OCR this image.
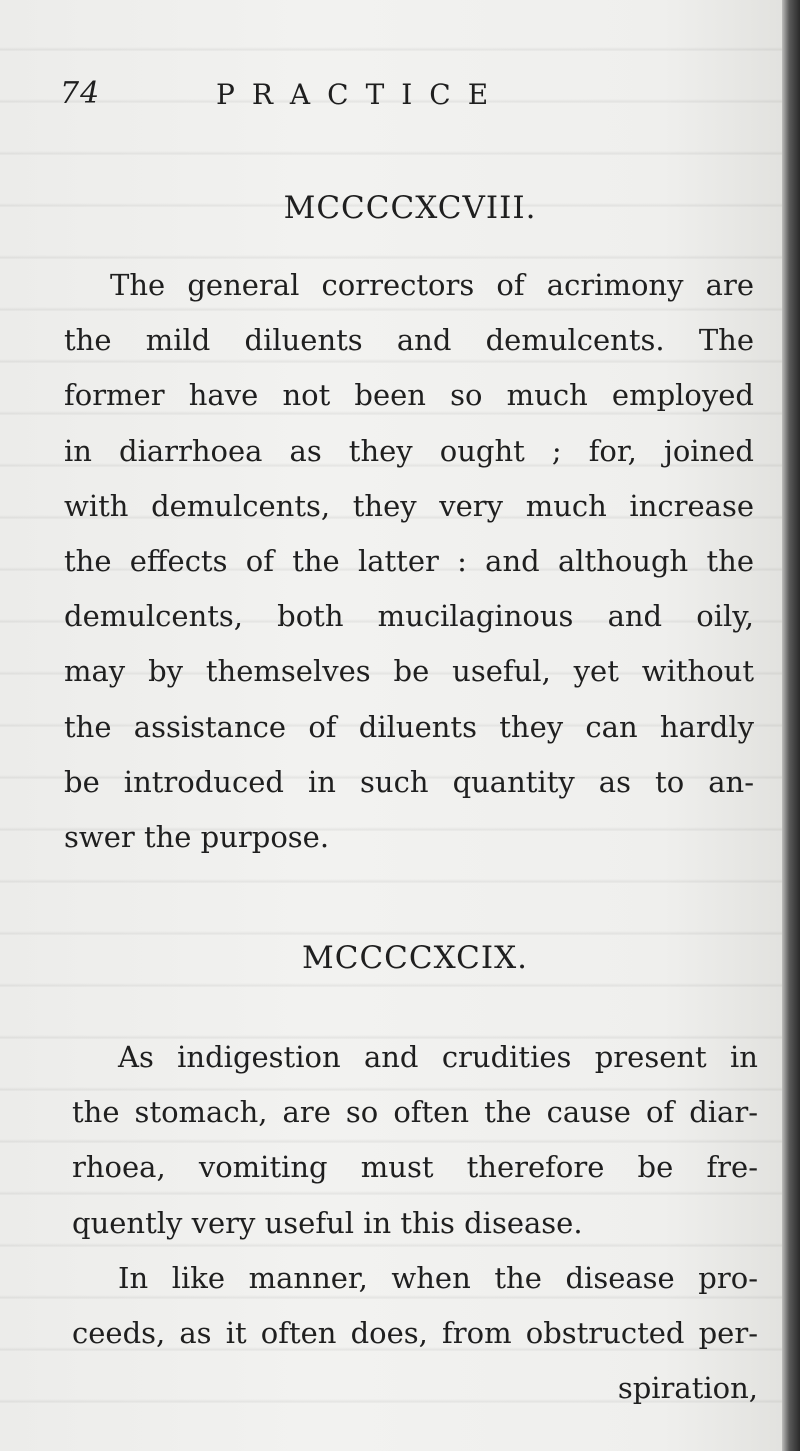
74	PRACTICE
MCCCCXCVIII.

The general correctors of acrimony are
the mild diluents and demulcents. The
former have not been so much employed
in diarrhoea as they ought ; for, joined
with demulcents, they very much increase
the effects of the latter : and although the
demulcents, both mucilaginous and oily,
may by themselves be useful, yet without
the assistance of diluents they can hardly
be introduced in such quantity as to an-
swer the purpose.

MCCCCXCIX.

As indigestion and crudities present in
the stomach, are so often the cause of diar-
rhoea, vomiting must therefore be fre-
quently very useful in this disease.

In like manner, when the disease pro-
ceeds, as it often does, from obstructed per-
spiration,
